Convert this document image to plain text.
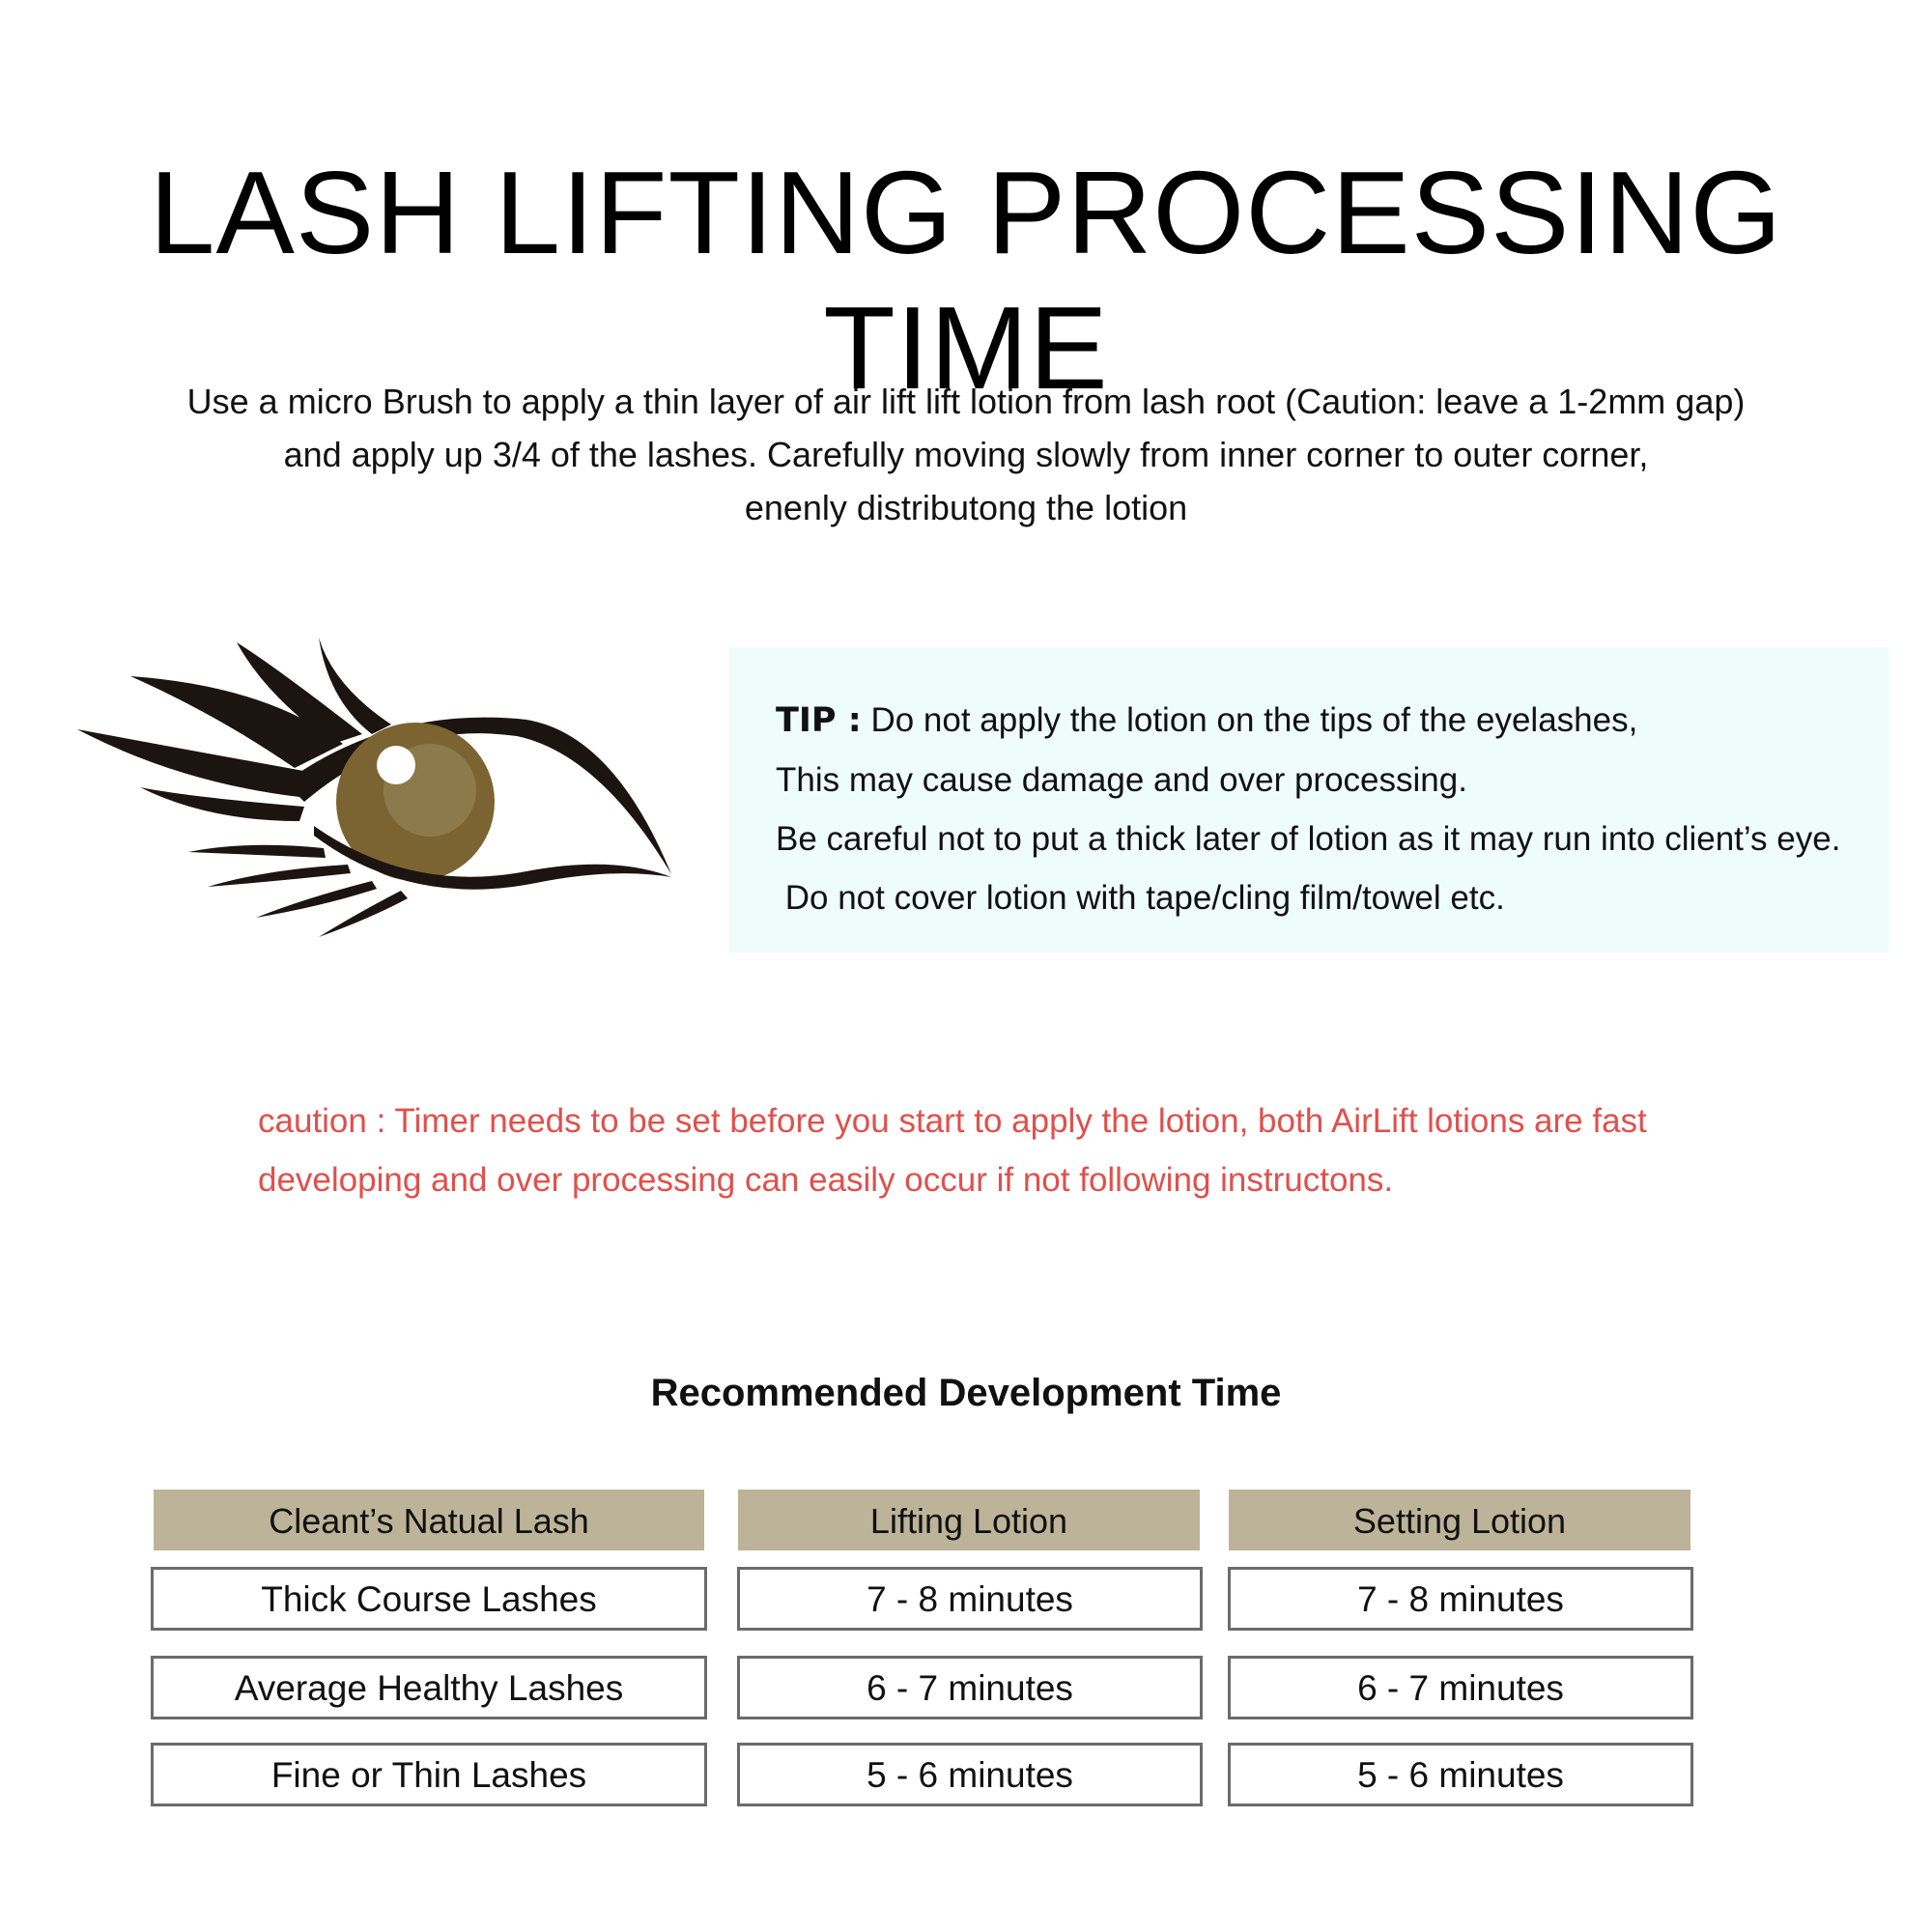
LASH LIFTING PROCESSING TIME
Use a micro Brush to apply a thin layer of air lift lift lotion from lash root (Caution: leave a 1-2mm gap)
and apply up 3/4 of the lashes. Carefully moving slowly from inner corner to outer corner,
enenly distributong the lotion
TIP : Do not apply the lotion on the tips of the eyelashes,
This may cause damage and over processing.
Be careful not to put a thick later of lotion as it may run into client’s eye.
Do not cover lotion with tape/cling film/towel etc.
caution : Timer needs to be set before you start to apply the lotion, both AirLift lotions are fast
developing and over processing can easily occur if not following instructons.
Recommended Development Time
Cleant’s Natual Lash	Lifting Lotion	Setting Lotion
Thick Course Lashes	7 - 8 minutes	7 - 8 minutes
Average Healthy Lashes	6 - 7 minutes	6 - 7 minutes
Fine or Thin Lashes	5 - 6 minutes	5 - 6 minutes
